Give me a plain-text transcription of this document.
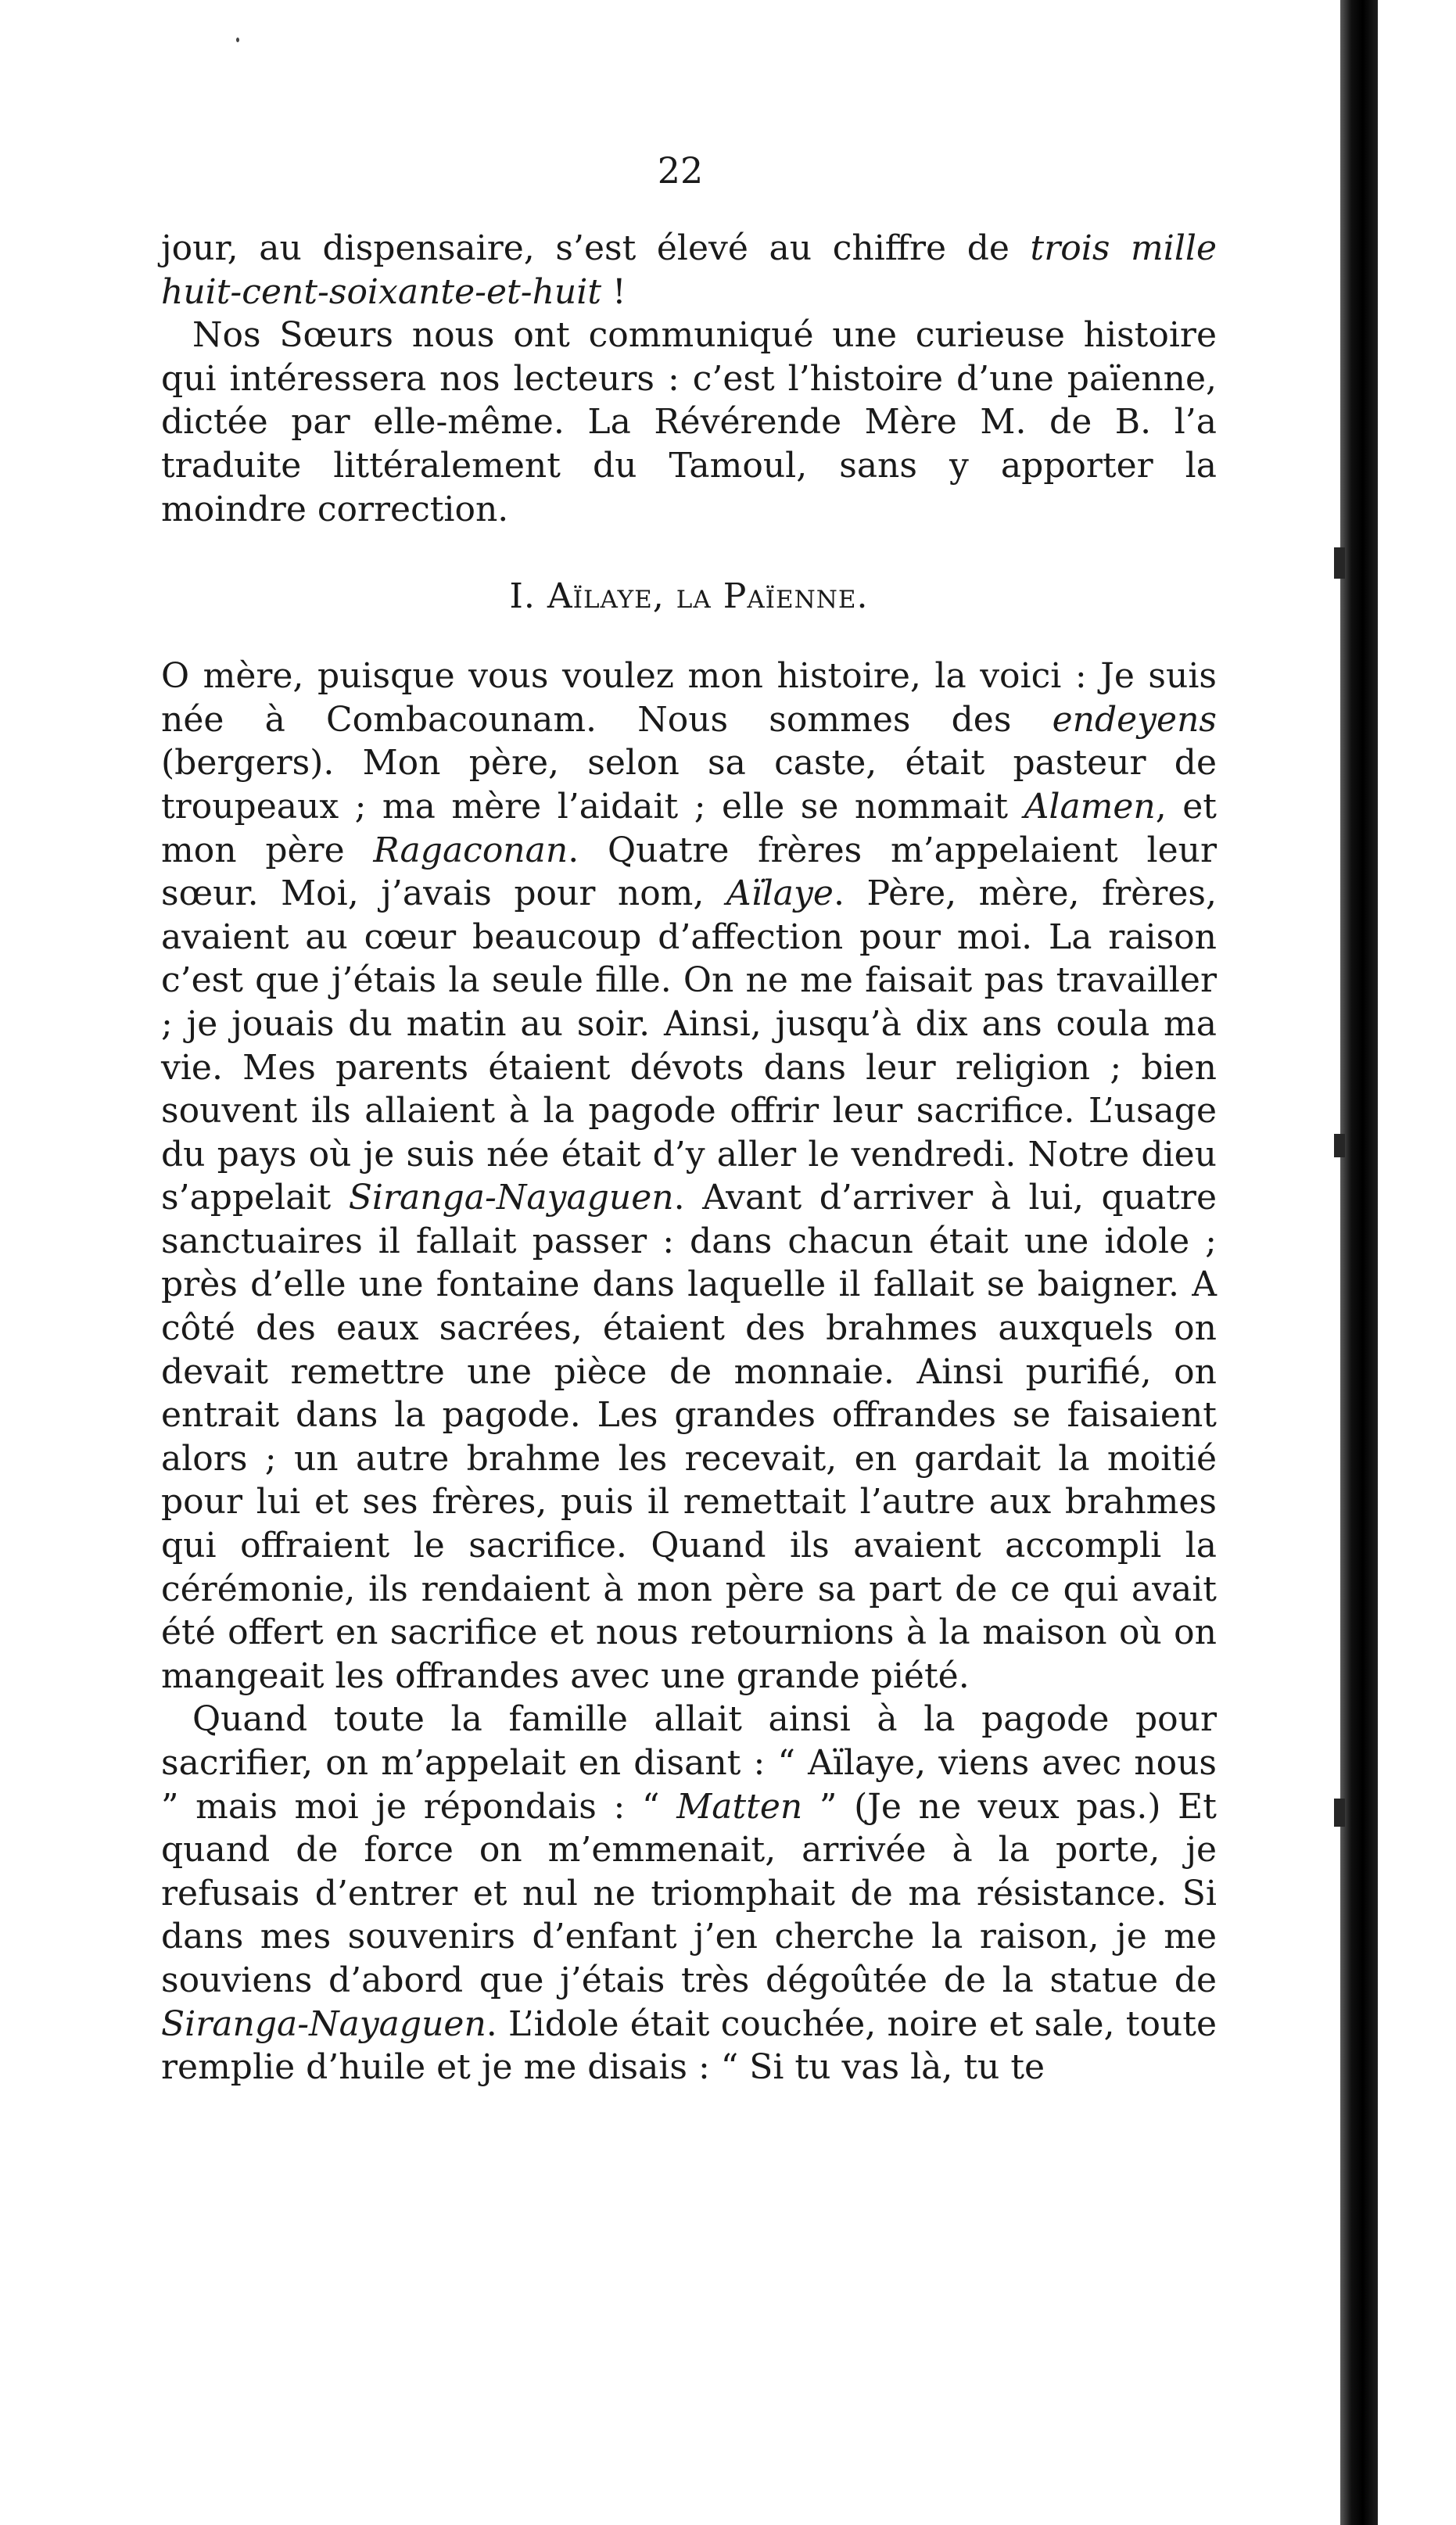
22

jour, au dispensaire, s’est élevé au chiffre de trois mille huit-cent-soixante-et-huit !

Nos Sœurs nous ont communiqué une curieuse histoire qui intéressera nos lecteurs : c’est l’histoire d’une païenne, dictée par elle-même. La Révérende Mère M. de B. l’a traduite littéralement du Tamoul, sans y apporter la moindre correction.

I. Aïlaye, la Païenne.

O mère, puisque vous voulez mon histoire, la voici : Je suis née à Combacounam. Nous sommes des endeyens (bergers). Mon père, selon sa caste, était pasteur de troupeaux ; ma mère l’aidait ; elle se nommait Alamen, et mon père Ragaconan. Quatre frères m’appelaient leur sœur. Moi, j’avais pour nom, Aïlaye. Père, mère, frères, avaient au cœur beaucoup d’affection pour moi. La raison c’est que j’étais la seule fille. On ne me faisait pas travailler ; je jouais du matin au soir. Ainsi, jusqu’à dix ans coula ma vie. Mes parents étaient dévots dans leur religion ; bien souvent ils allaient à la pagode offrir leur sacrifice. L’usage du pays où je suis née était d’y aller le vendredi. Notre dieu s’appelait Siranga-Nayaguen. Avant d’arriver à lui, quatre sanctuaires il fallait passer : dans chacun était une idole ; près d’elle une fontaine dans laquelle il fallait se baigner. A côté des eaux sacrées, étaient des brahmes auxquels on devait remettre une pièce de monnaie. Ainsi purifié, on entrait dans la pagode. Les grandes offrandes se faisaient alors ; un autre brahme les recevait, en gardait la moitié pour lui et ses frères, puis il remettait l’autre aux brahmes qui offraient le sacrifice. Quand ils avaient accompli la cérémonie, ils rendaient à mon père sa part de ce qui avait été offert en sacrifice et nous retournions à la maison où on mangeait les offrandes avec une grande piété.

Quand toute la famille allait ainsi à la pagode pour sacrifier, on m’appelait en disant : “ Aïlaye, viens avec nous ” mais moi je répondais : “ Matten ” (Je ne veux pas.) Et quand de force on m’emmenait, arrivée à la porte, je refusais d’entrer et nul ne triomphait de ma résistance. Si dans mes souvenirs d’enfant j’en cherche la raison, je me souviens d’abord que j’étais très dégoûtée de la statue de Siranga-Nayaguen. L’idole était couchée, noire et sale, toute remplie d’huile et je me disais : “ Si tu vas là, tu te
